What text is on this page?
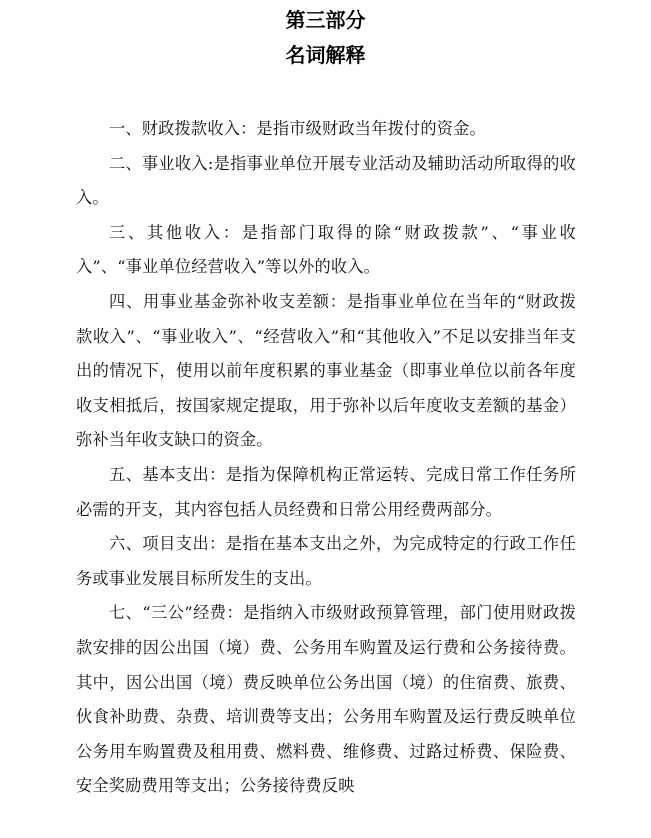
第三部分
名词解释

一、财政拨款收入：是指市级财政当年拨付的资金。

二、事业收入:是指事业单位开展专业活动及辅助活动所取得的收入。

三、其他收入：是指部门取得的除“财政拨款”、“事业收入”、“事业单位经营收入”等以外的收入。

四、用事业基金弥补收支差额：是指事业单位在当年的“财政拨款收入”、“事业收入”、“经营收入”和“其他收入”不足以安排当年支出的情况下，使用以前年度积累的事业基金（即事业单位以前各年度收支相抵后，按国家规定提取，用于弥补以后年度收支差额的基金）弥补当年收支缺口的资金。

五、基本支出：是指为保障机构正常运转、完成日常工作任务所必需的开支，其内容包括人员经费和日常公用经费两部分。

六、项目支出：是指在基本支出之外，为完成特定的行政工作任务或事业发展目标所发生的支出。

七、“三公”经费：是指纳入市级财政预算管理，部门使用财政拨款安排的因公出国（境）费、公务用车购置及运行费和公务接待费。其中，因公出国（境）费反映单位公务出国（境）的住宿费、旅费、伙食补助费、杂费、培训费等支出；公务用车购置及运行费反映单位公务用车购置费及租用费、燃料费、维修费、过路过桥费、保险费、安全奖励费用等支出；公务接待费反映
